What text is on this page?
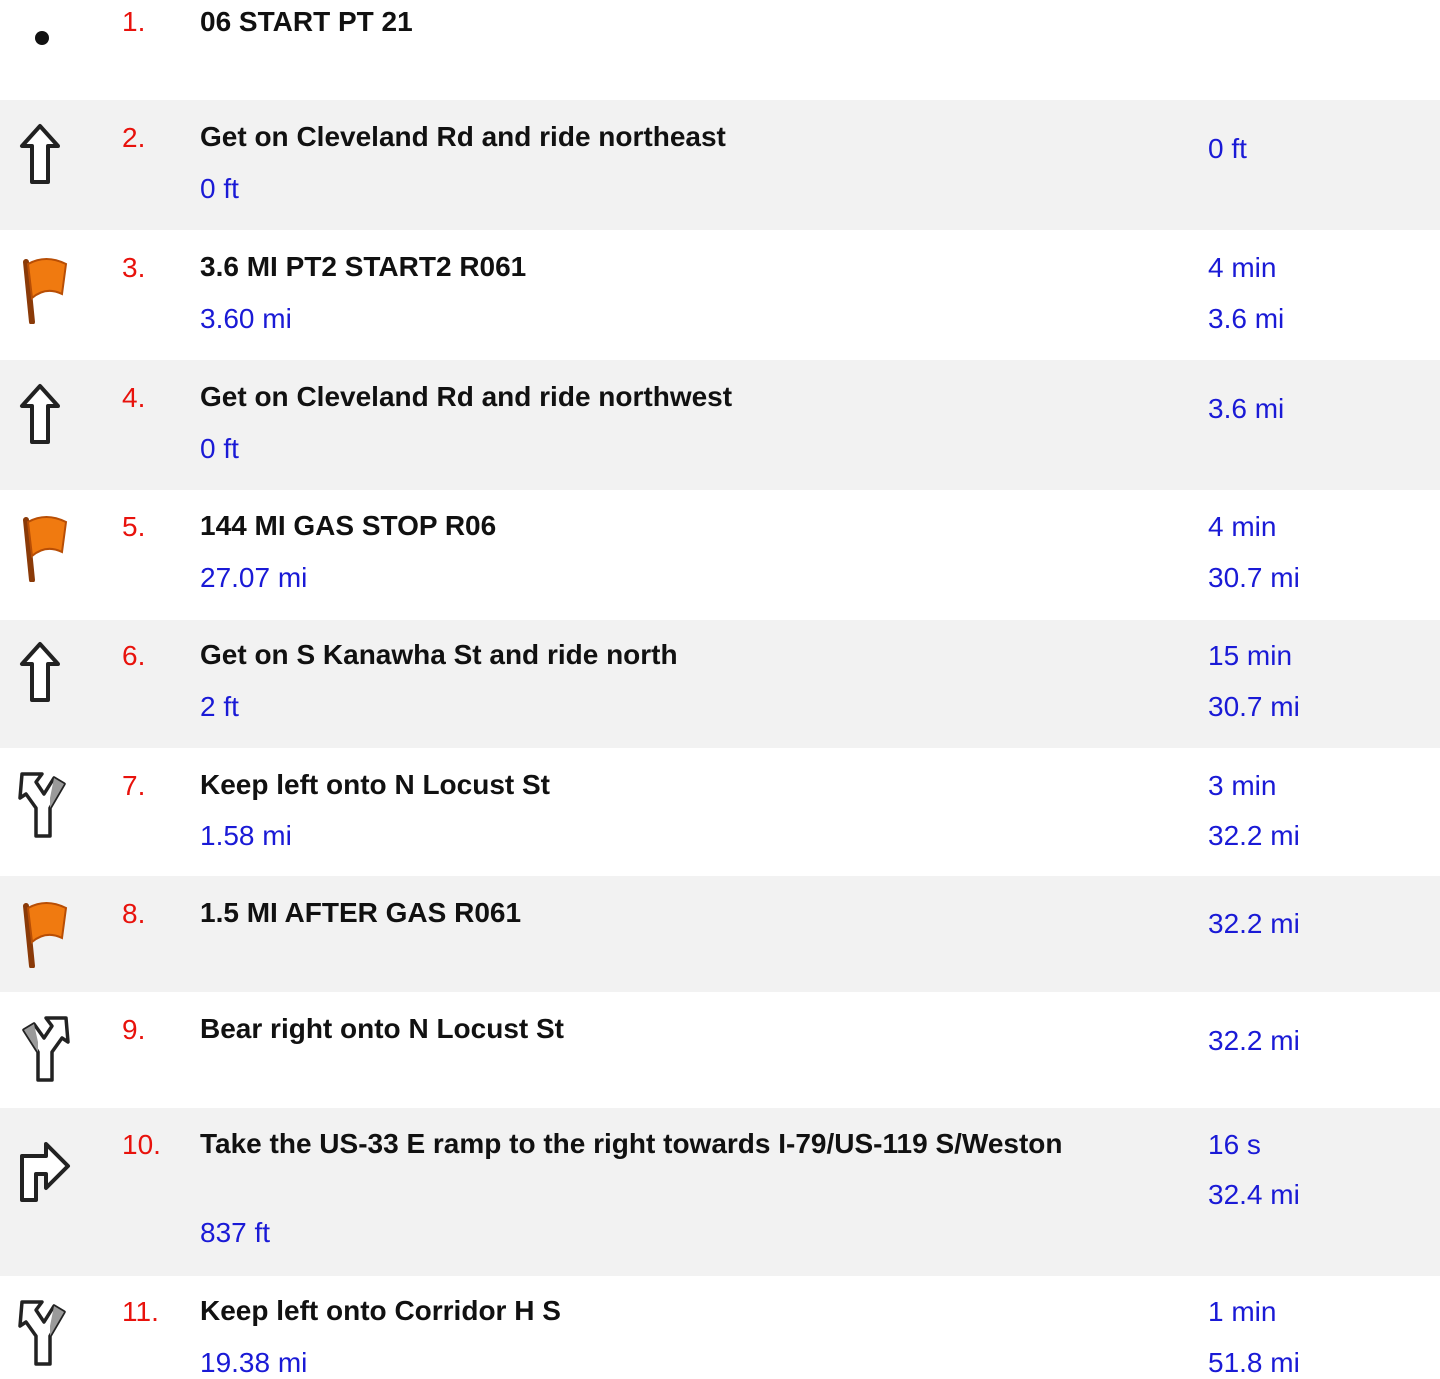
1. 06 START PT 21
2. Get on Cleveland Rd and ride northeast
0 ft
0 ft
3. 3.6 MI PT2 START2 R061
3.60 mi
4 min
3.6 mi
4. Get on Cleveland Rd and ride northwest
0 ft
3.6 mi
5. 144 MI GAS STOP R06
27.07 mi
4 min
30.7 mi
6. Get on S Kanawha St and ride north
2 ft
15 min
30.7 mi
7. Keep left onto N Locust St
1.58 mi
3 min
32.2 mi
8. 1.5 MI AFTER GAS R061	32.2 mi
9. Bear right onto N Locust St	32.2 mi
10. Take the US-33 E ramp to the right towards I-79/US-119 S/Weston
837 ft
16 s
32.4 mi
11. Keep left onto Corridor H S
19.38 mi
1 min
51.8 mi
